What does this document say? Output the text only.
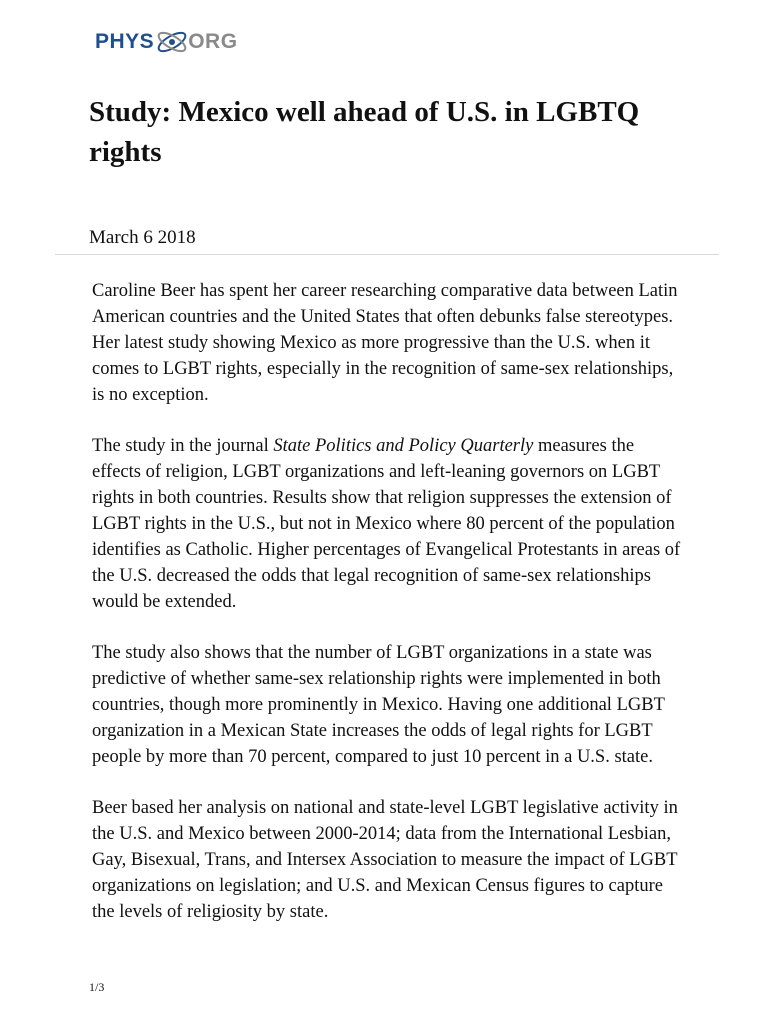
PHYS ORG
Study: Mexico well ahead of U.S. in LGBTQ rights
March 6 2018

Caroline Beer has spent her career researching comparative data between Latin American countries and the United States that often debunks false stereotypes. Her latest study showing Mexico as more progressive than the U.S. when it comes to LGBT rights, especially in the recognition of same-sex relationships, is no exception.

The study in the journal State Politics and Policy Quarterly measures the effects of religion, LGBT organizations and left-leaning governors on LGBT rights in both countries. Results show that religion suppresses the extension of LGBT rights in the U.S., but not in Mexico where 80 percent of the population identifies as Catholic. Higher percentages of Evangelical Protestants in areas of the U.S. decreased the odds that legal recognition of same-sex relationships would be extended.

The study also shows that the number of LGBT organizations in a state was predictive of whether same-sex relationship rights were implemented in both countries, though more prominently in Mexico. Having one additional LGBT organization in a Mexican State increases the odds of legal rights for LGBT people by more than 70 percent, compared to just 10 percent in a U.S. state.

Beer based her analysis on national and state-level LGBT legislative activity in the U.S. and Mexico between 2000-2014; data from the International Lesbian, Gay, Bisexual, Trans, and Intersex Association to measure the impact of LGBT organizations on legislation; and U.S. and Mexican Census figures to capture the levels of religiosity by state.

1/3
